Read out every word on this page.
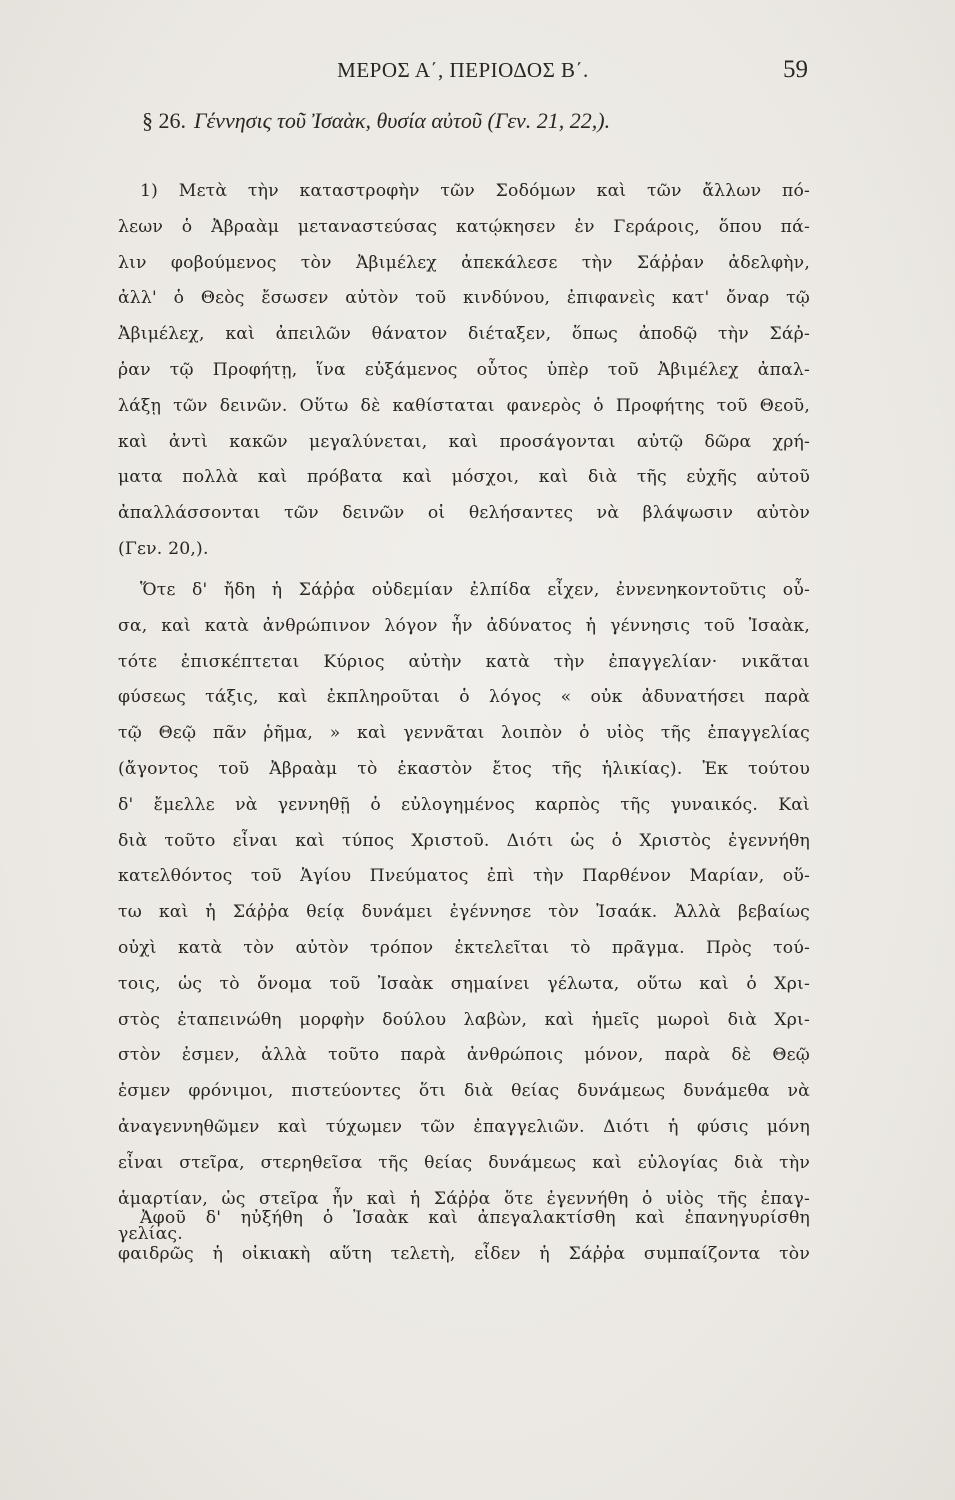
ΜΕΡΟΣ Α΄, ΠΕΡΙΟΔΟΣ Β΄.	59
§ 26. Γέννησις τοῦ Ἰσαὰκ, θυσία αὐτοῦ (Γεν. 21, 22,).
1) Μετὰ τὴν καταστροφὴν τῶν Σοδόμων καὶ τῶν ἄλλων πό-
λεων ὁ Ἀβραὰμ μεταναστεύσας κατῴκησεν ἐν Γεράροις, ὅπου πά-
λιν φοβούμενος τὸν Ἀβιμέλεχ ἀπεκάλεσε τὴν Σάῤῥαν ἀδελφὴν,
ἀλλ' ὁ Θεὸς ἔσωσεν αὐτὸν τοῦ κινδύνου, ἐπιφανεὶς κατ' ὄναρ τῷ
Ἀβιμέλεχ, καὶ ἀπειλῶν θάνατον διέταξεν, ὅπως ἀποδῷ τὴν Σάῤ-
ῥαν τῷ Προφήτῃ, ἵνα εὐξάμενος οὗτος ὑπὲρ τοῦ Ἀβιμέλεχ ἀπαλ-
λάξῃ τῶν δεινῶν. Οὕτω δὲ καθίσταται φανερὸς ὁ Προφήτης τοῦ Θεοῦ,
καὶ ἀντὶ κακῶν μεγαλύνεται, καὶ προσάγονται αὐτῷ δῶρα χρή-
ματα πολλὰ καὶ πρόβατα καὶ μόσχοι, καὶ διὰ τῆς εὐχῆς αὐτοῦ
ἀπαλλάσσονται τῶν δεινῶν οἱ θελήσαντες νὰ βλάψωσιν αὐτὸν
(Γεν. 20,).
Ὅτε δ' ἤδη ἡ Σάῤῥα οὐδεμίαν ἐλπίδα εἶχεν, ἐννενηκοντοῦτις οὖ-
σα, καὶ κατὰ ἀνθρώπινον λόγον ἦν ἀδύνατος ἡ γέννησις τοῦ Ἰσαὰκ,
τότε ἐπισκέπτεται Κύριος αὐτὴν κατὰ τὴν ἐπαγγελίαν· νικᾶται
φύσεως τάξις, καὶ ἐκπληροῦται ὁ λόγος « οὐκ ἀδυνατήσει παρὰ
τῷ Θεῷ πᾶν ῥῆμα, » καὶ γεννᾶται λοιπὸν ὁ υἱὸς τῆς ἐπαγγελίας
(ἄγοντος τοῦ Ἀβραὰμ τὸ ἑκαστὸν ἔτος τῆς ἡλικίας). Ἐκ τούτου
δ' ἔμελλε νὰ γεννηθῇ ὁ εὐλογημένος καρπὸς τῆς γυναικός. Καὶ
διὰ τοῦτο εἶναι καὶ τύπος Χριστοῦ. Διότι ὡς ὁ Χριστὸς ἐγεννήθη
κατελθόντος τοῦ Ἁγίου Πνεύματος ἐπὶ τὴν Παρθένον Μαρίαν, οὕ-
τω καὶ ἡ Σάῤῥα θείᾳ δυνάμει ἐγέννησε τὸν Ἰσαάκ. Ἀλλὰ βεβαίως
οὐχὶ κατὰ τὸν αὐτὸν τρόπον ἐκτελεῖται τὸ πρᾶγμα. Πρὸς τού-
τοις, ὡς τὸ ὄνομα τοῦ Ἰσαὰκ σημαίνει γέλωτα, οὕτω καὶ ὁ Χρι-
στὸς ἐταπεινώθη μορφὴν δούλου λαβὼν, καὶ ἡμεῖς μωροὶ διὰ Χρι-
στὸν ἐσμεν, ἀλλὰ τοῦτο παρὰ ἀνθρώποις μόνον, παρὰ δὲ Θεῷ
ἐσμεν φρόνιμοι, πιστεύοντες ὅτι διὰ θείας δυνάμεως δυνάμεθα νὰ
ἀναγεννηθῶμεν καὶ τύχωμεν τῶν ἐπαγγελιῶν. Διότι ἡ φύσις μόνη
εἶναι στεῖρα, στερηθεῖσα τῆς θείας δυνάμεως καὶ εὐλογίας διὰ τὴν
ἁμαρτίαν, ὡς στεῖρα ἦν καὶ ἡ Σάῤῥα ὅτε ἐγεννήθη ὁ υἱὸς τῆς ἐπαγ-
γελίας.
Ἀφοῦ δ' ηὐξήθη ὁ Ἰσαὰκ καὶ ἀπεγαλακτίσθη καὶ ἐπανηγυρίσθη
φαιδρῶς ἡ οἰκιακὴ αὕτη τελετὴ, εἶδεν ἡ Σάῤῥα συμπαίζοντα τὸν
